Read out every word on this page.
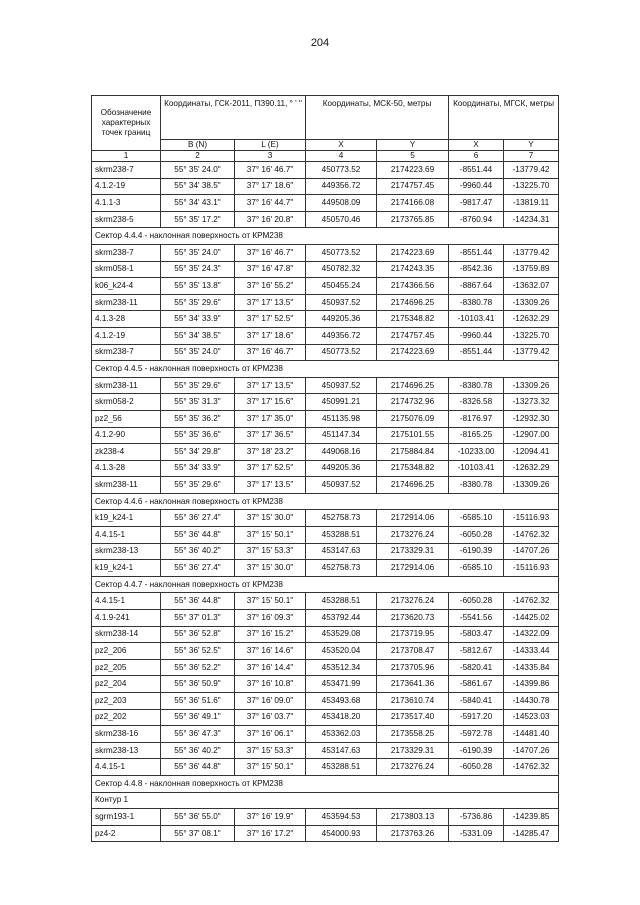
204
Обозначение характерных точек границ	Координаты, ГСК-2011, ПЗ90.11, ° ' "		Координаты, МСК-50, метры		Координаты, МГСК, метры	
	B (N)	L (E)	X	Y	X	Y
1	2	3	4	5	6	7
skrm238-7	55° 35' 24.0"	37° 16' 46.7"	450773.52	2174223.69	-8551.44	-13779.42
4.1.2-19	55° 34' 38.5"	37° 17' 18.6"	449356.72	2174757.45	-9960.44	-13225.70
4.1.1-3	55° 34' 43.1"	37° 16' 44.7"	449508.09	2174166.08	-9817.47	-13819.11
skrm238-5	55° 35' 17.2"	37° 16' 20.8"	450570.46	2173765.85	-8760.94	-14234.31
Сектор 4.4.4 - наклонная поверхность от КРМ238						
skrm238-7	55° 35' 24.0"	37° 16' 46.7"	450773.52	2174223.69	-8551.44	-13779.42
skrm058-1	55° 35' 24.3"	37° 16' 47.8"	450782.32	2174243.35	-8542.36	-13759.89
k06_k24-4	55° 35' 13.8"	37° 16' 55.2"	450455.24	2174366.56	-8867.64	-13632.07
skrm238-11	55° 35' 29.6"	37° 17' 13.5"	450937.52	2174696.25	-8380.78	-13309.26
4.1.3-28	55° 34' 33.9"	37° 17' 52.5"	449205.36	2175348.82	-10103.41	-12632.29
4.1.2-19	55° 34' 38.5"	37° 17' 18.6"	449356.72	2174757.45	-9960.44	-13225.70
skrm238-7	55° 35' 24.0"	37° 16' 46.7"	450773.52	2174223.69	-8551.44	-13779.42
Сектор 4.4.5 - наклонная поверхность от КРМ238						
skrm238-11	55° 35' 29.6"	37° 17' 13.5"	450937.52	2174696.25	-8380.78	-13309.26
skrm058-2	55° 35' 31.3"	37° 17' 15.6"	450991.21	2174732.96	-8326.58	-13273.32
pz2_56	55° 35' 36.2"	37° 17' 35.0"	451135.98	2175076.09	-8176.97	-12932.30
4.1.2-90	55° 35' 36.6"	37° 17' 36.5"	451147.34	2175101.55	-8165.25	-12907.00
zk238-4	55° 34' 29.8"	37° 18' 23.2"	449068.16	2175884.84	-10233.00	-12094.41
4.1.3-28	55° 34' 33.9"	37° 17' 52.5"	449205.36	2175348.82	-10103.41	-12632.29
skrm238-11	55° 35' 29.6"	37° 17' 13.5"	450937.52	2174696.25	-8380.78	-13309.26
Сектор 4.4.6 - наклонная поверхность от КРМ238						
k19_k24-1	55° 36' 27.4"	37° 15' 30.0"	452758.73	2172914.06	-6585.10	-15116.93
4.4.15-1	55° 36' 44.8"	37° 15' 50.1"	453288.51	2173276.24	-6050.28	-14762.32
skrm238-13	55° 36' 40.2"	37° 15' 53.3"	453147.63	2173329.31	-6190.39	-14707.26
k19_k24-1	55° 36' 27.4"	37° 15' 30.0"	452758.73	2172914.06	-6585.10	-15116.93
Сектор 4.4.7 - наклонная поверхность от КРМ238						
4.4.15-1	55° 36' 44.8"	37° 15' 50.1"	453288.51	2173276.24	-6050.28	-14762.32
4.1.9-241	55° 37' 01.3"	37° 16' 09.3"	453792.44	2173620.73	-5541.56	-14425.02
skrm238-14	55° 36' 52.8"	37° 16' 15.2"	453529.08	2173719.95	-5803.47	-14322.09
pz2_206	55° 36' 52.5"	37° 16' 14.6"	453520.04	2173708.47	-5812.67	-14333.44
pz2_205	55° 36' 52.2"	37° 16' 14.4"	453512.34	2173705.96	-5820.41	-14335.84
pz2_204	55° 36' 50.9"	37° 16' 10.8"	453471.99	2173641.36	-5861.67	-14399.86
pz2_203	55° 36' 51.6"	37° 16' 09.0"	453493.68	2173610.74	-5840.41	-14430.78
pz2_202	55° 36' 49.1"	37° 16' 03.7"	453418.20	2173517.40	-5917.20	-14523.03
skrm238-16	55° 36' 47.3"	37° 16' 06.1"	453362.03	2173558.25	-5972.78	-14481.40
skrm238-13	55° 36' 40.2"	37° 15' 53.3"	453147.63	2173329.31	-6190.39	-14707.26
4.4.15-1	55° 36' 44.8"	37° 15' 50.1"	453288.51	2173276.24	-6050.28	-14762.32
Сектор 4.4.8 - наклонная поверхность от КРМ238						
Контур 1						
sgrm193-1	55° 36' 55.0"	37° 16' 19.9"	453594.53	2173803.13	-5736.86	-14239.85
pz4-2	55° 37' 08.1"	37° 16' 17.2"	454000.93	2173763.26	-5331.09	-14285.47
